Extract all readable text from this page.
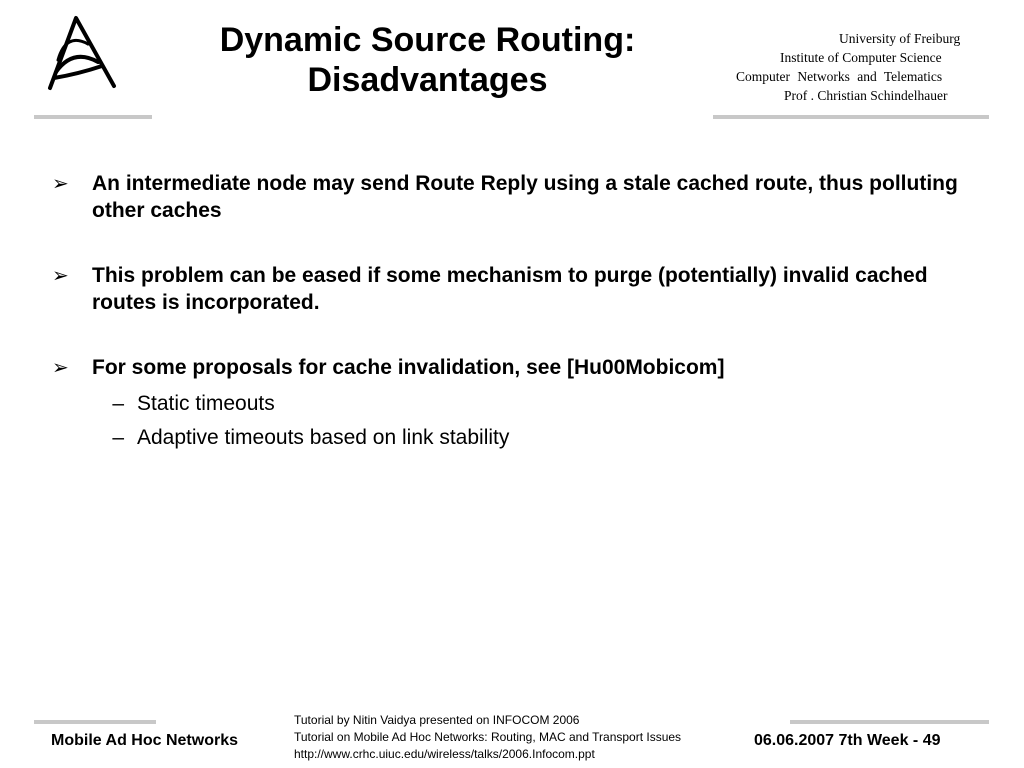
Dynamic Source Routing:
Disadvantages
University of Freiburg
Institute of Computer Science
Computer Networks and Telematics
Prof . Christian Schindelhauer
➢ An intermediate node may send Route Reply using a stale cached route, thus polluting other caches
➢ This problem can be eased if some mechanism to purge (potentially) invalid cached routes is incorporated.
➢ For some proposals for cache invalidation, see [Hu00Mobicom]
– Static timeouts
– Adaptive timeouts based on link stability
Mobile Ad Hoc Networks
Tutorial by Nitin Vaidya presented on INFOCOM 2006
Tutorial on Mobile Ad Hoc Networks: Routing, MAC and Transport Issues
http://www.crhc.uiuc.edu/wireless/talks/2006.Infocom.ppt
06.06.2007 7th Week - 49
